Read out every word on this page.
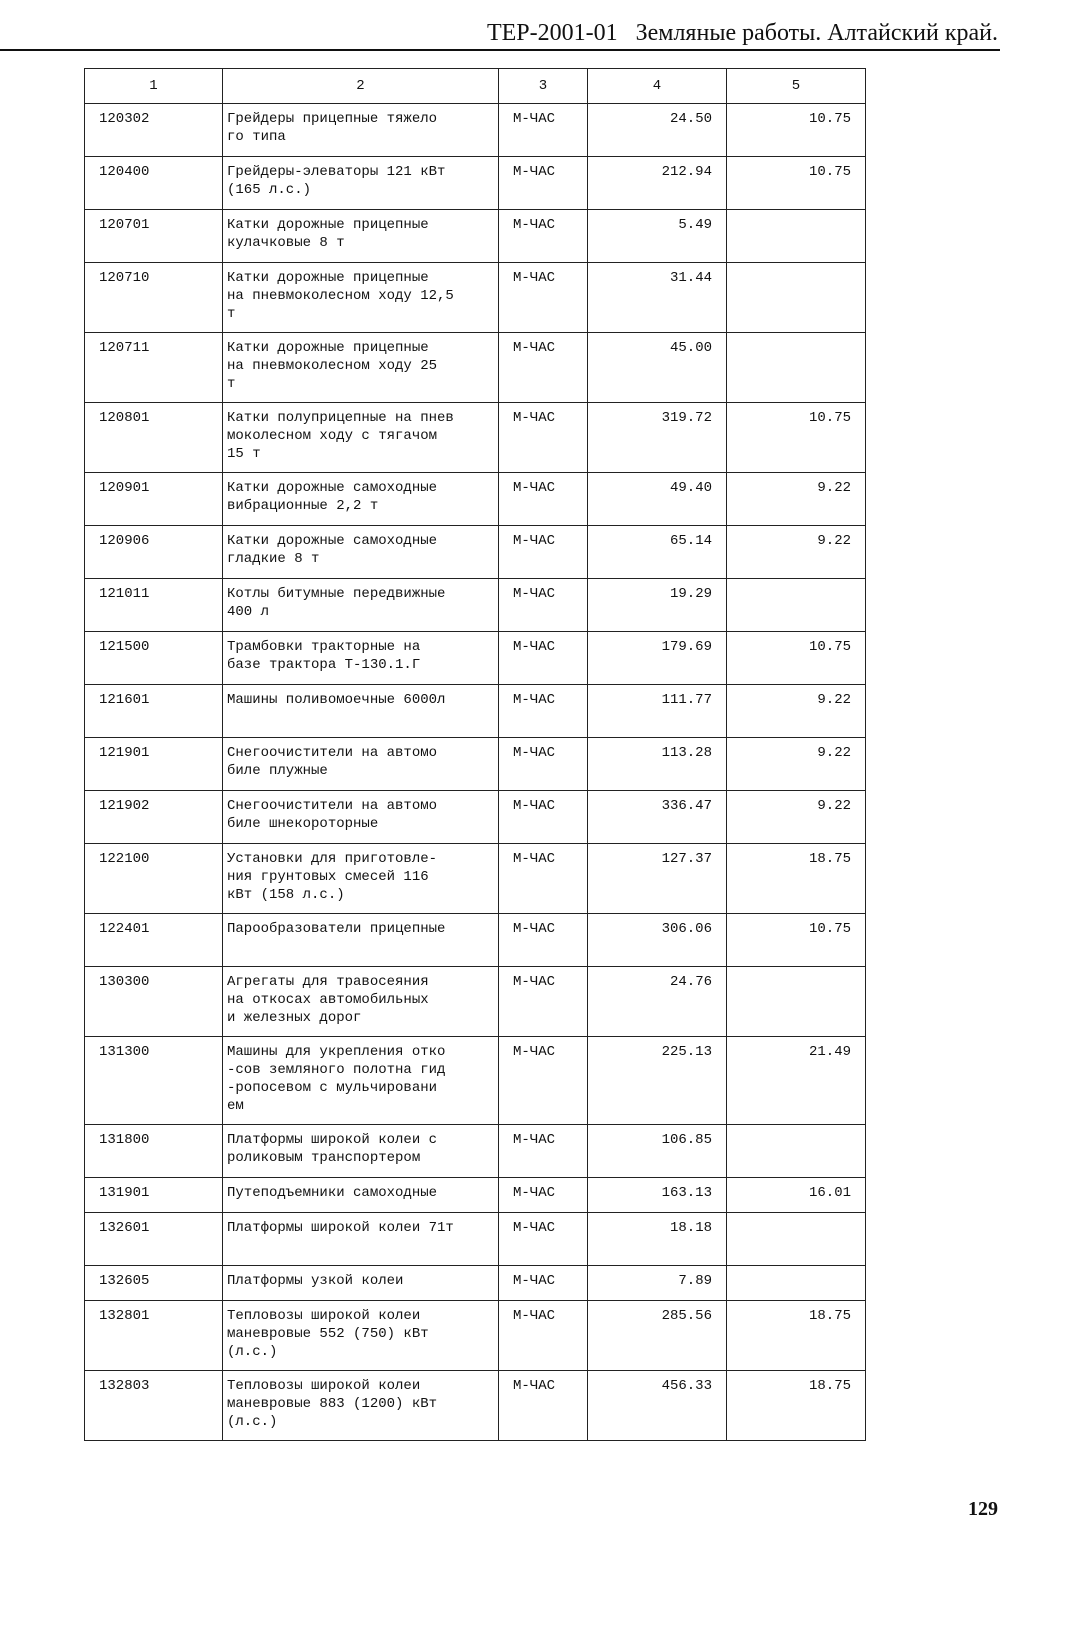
ТЕР-2001-01   Земляные работы. Алтайский край.
1	2	3	4	5

120302	Грейдеры прицепные тяжело
го типа	М-ЧАС	24.50	10.75

120400	Грейдеры-элеваторы 121 кВт
(165 л.с.)	М-ЧАС	212.94	10.75

120701	Катки дорожные прицепные
кулачковые 8 т	М-ЧАС	5.49	

120710	Катки дорожные прицепные
на пневмоколесном ходу 12,5
т	М-ЧАС	31.44	

120711	Катки дорожные прицепные
на пневмоколесном ходу 25
т	М-ЧАС	45.00	

120801	Катки полуприцепные на пнев
моколесном ходу с тягачом
15 т	М-ЧАС	319.72	10.75

120901	Катки дорожные самоходные
вибрационные 2,2 т	М-ЧАС	49.40	9.22

120906	Катки дорожные самоходные
гладкие 8 т	М-ЧАС	65.14	9.22

121011	Котлы битумные передвижные
400 л	М-ЧАС	19.29	

121500	Трамбовки тракторные на
базе трактора Т-130.1.Г	М-ЧАС	179.69	10.75

121601	Машины поливомоечные 6000л	М-ЧАС	111.77	9.22

121901	Снегоочистители на автомо
биле плужные	М-ЧАС	113.28	9.22

121902	Снегоочистители на автомо
биле шнекороторные	М-ЧАС	336.47	9.22

122100	Установки для приготовле-
ния грунтовых смесей 116
кВт (158 л.с.)	М-ЧАС	127.37	18.75

122401	Парообразователи прицепные	М-ЧАС	306.06	10.75

130300	Агрегаты для травосеяния
на откосах автомобильных
и железных дорог	М-ЧАС	24.76	

131300	Машины для укрепления отко
-сов земляного полотна гид
-ропосевом с мульчировани
ем	М-ЧАС	225.13	21.49

131800	Платформы широкой колеи с
роликовым транспортером	М-ЧАС	106.85	

131901	Путеподъемники самоходные	М-ЧАС	163.13	16.01

132601	Платформы широкой колеи 71т	М-ЧАС	18.18	

132605	Платформы узкой колеи	М-ЧАС	7.89	

132801	Тепловозы широкой колеи
маневровые 552 (750) кВт
(л.с.)	М-ЧАС	285.56	18.75

132803	Тепловозы широкой колеи
маневровые 883 (1200) кВт
(л.с.)	М-ЧАС	456.33	18.75
129
